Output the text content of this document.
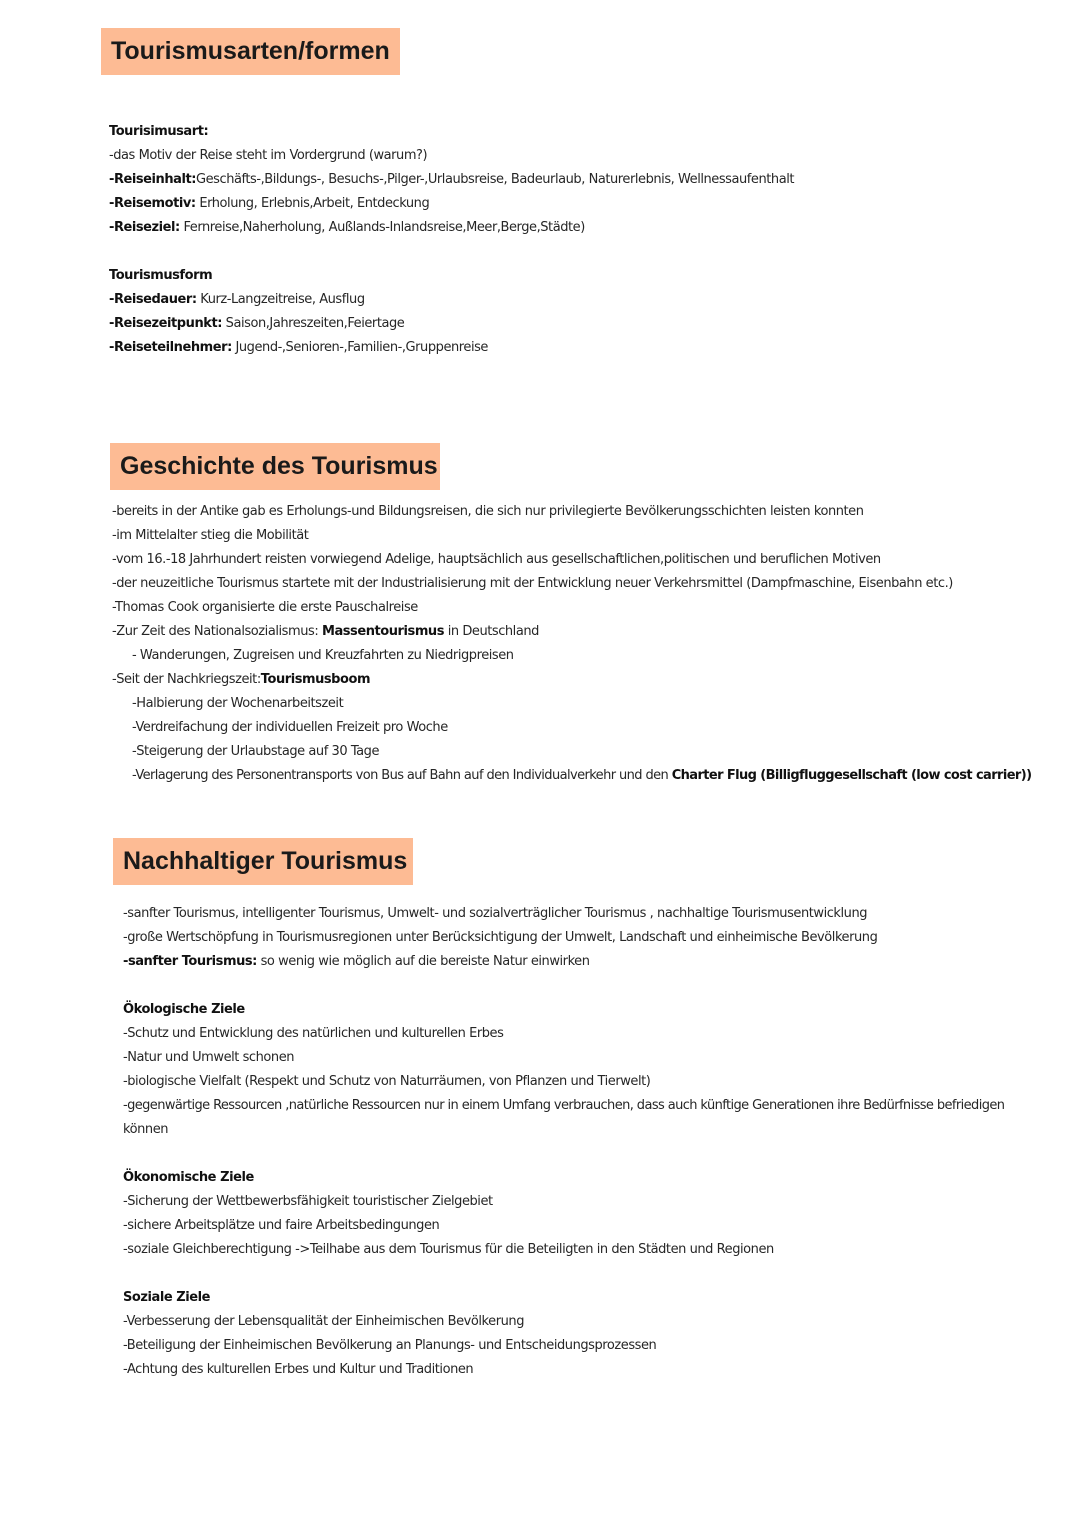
Tourismusarten/formen
Tourisimusart:
-das Motiv der Reise steht im Vordergrund (warum?)
-Reiseinhalt:Geschäfts-,Bildungs-, Besuchs-,Pilger-,Urlaubsreise, Badeurlaub, Naturerlebnis, Wellnessaufenthalt
-Reisemotiv: Erholung, Erlebnis,Arbeit, Entdeckung
-Reiseziel: Fernreise,Naherholung, Außlands-Inlandsreise,Meer,Berge,Städte)
Tourismusform
-Reisedauer: Kurz-Langzeitreise, Ausflug
-Reisezeitpunkt: Saison,Jahreszeiten,Feiertage
-Reiseteilnehmer: Jugend-,Senioren-,Familien-,Gruppenreise
Geschichte des Tourismus
-bereits in der Antike gab es Erholungs-und Bildungsreisen, die sich nur privilegierte Bevölkerungsschichten leisten konnten
-im Mittelalter stieg die Mobilität
-vom 16.-18 Jahrhundert reisten vorwiegend Adelige, hauptsächlich aus gesellschaftlichen,politischen und beruflichen Motiven
-der neuzeitliche Tourismus startete mit der Industrialisierung mit der Entwicklung neuer Verkehrsmittel (Dampfmaschine, Eisenbahn etc.)
-Thomas Cook organisierte die erste Pauschalreise
-Zur Zeit des Nationalsozialismus: Massentourismus in Deutschland
- Wanderungen, Zugreisen und Kreuzfahrten zu Niedrigpreisen
-Seit der Nachkriegszeit:Tourismusboom
-Halbierung der Wochenarbeitszeit
-Verdreifachung der individuellen Freizeit pro Woche
-Steigerung der Urlaubstage auf 30 Tage
-Verlagerung des Personentransports von Bus auf Bahn auf den Individualverkehr und den Charter Flug (Billigfluggesellschaft (low cost carrier))
Nachhaltiger Tourismus
-sanfter Tourismus, intelligenter Tourismus, Umwelt- und sozialverträglicher Tourismus , nachhaltige Tourismusentwicklung
-große Wertschöpfung in Tourismusregionen unter Berücksichtigung der Umwelt, Landschaft und einheimische Bevölkerung
-sanfter Tourismus: so wenig wie möglich auf die bereiste Natur einwirken
Ökologische Ziele
-Schutz und Entwicklung des natürlichen und kulturellen Erbes
-Natur und Umwelt schonen
-biologische Vielfalt (Respekt und Schutz von Naturräumen, von Pflanzen und Tierwelt)
-gegenwärtige Ressourcen ,natürliche Ressourcen nur in einem Umfang verbrauchen, dass auch künftige Generationen ihre Bedürfnisse befriedigen
können
Ökonomische Ziele
-Sicherung der Wettbewerbsfähigkeit touristischer Zielgebiet
-sichere Arbeitsplätze und faire Arbeitsbedingungen
-soziale Gleichberechtigung ->Teilhabe aus dem Tourismus für die Beteiligten in den Städten und Regionen
Soziale Ziele
-Verbesserung der Lebensqualität der Einheimischen Bevölkerung
-Beteiligung der Einheimischen Bevölkerung an Planungs- und Entscheidungsprozessen
-Achtung des kulturellen Erbes und Kultur und Traditionen
